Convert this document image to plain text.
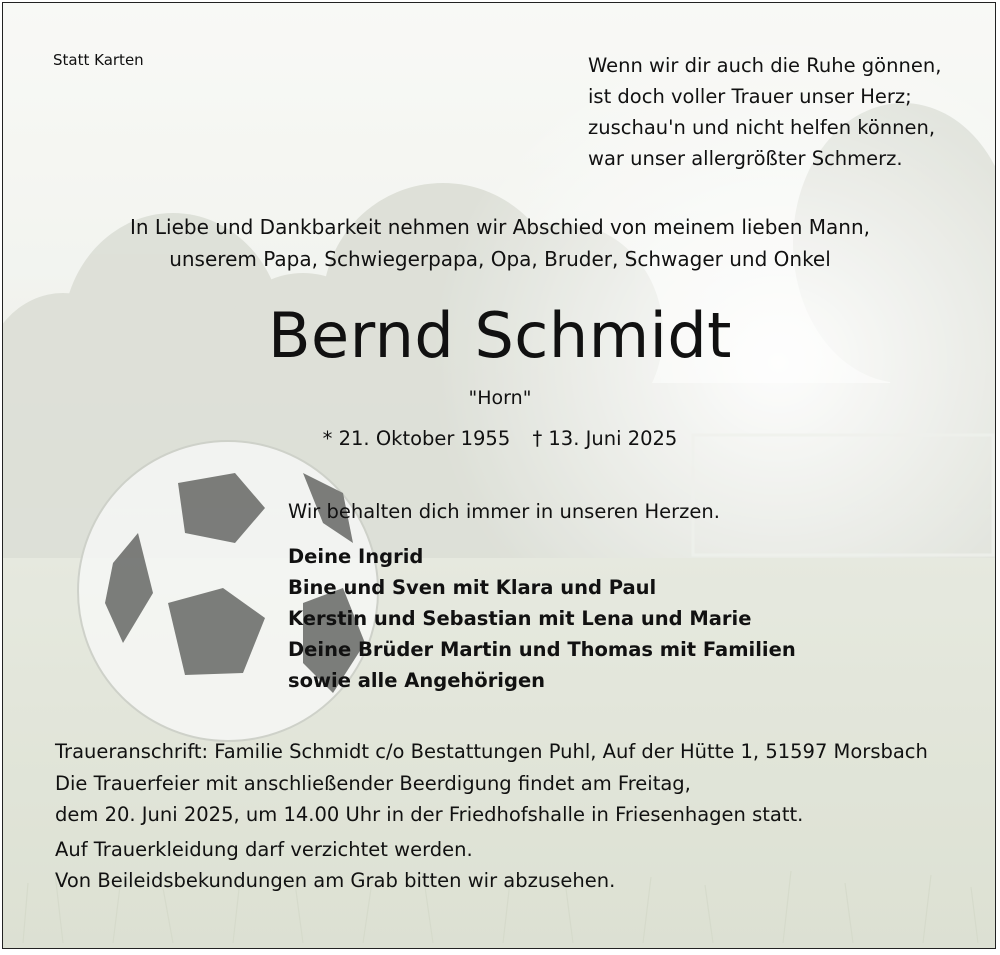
Statt Karten	Wenn wir dir auch die Ruhe gönnen,
ist doch voller Trauer unser Herz;
zuschau'n und nicht helfen können,
war unser allergrößter Schmerz.
In Liebe und Dankbarkeit nehmen wir Abschied von meinem lieben Mann,
unserem Papa, Schwiegerpapa, Opa, Bruder, Schwager und Onkel
Bernd Schmidt
"Horn"
* 21. Oktober 1955 † 13. Juni 2025
Wir behalten dich immer in unseren Herzen.
Deine Ingrid
Bine und Sven mit Klara und Paul
Kerstin und Sebastian mit Lena und Marie
Deine Brüder Martin und Thomas mit Familien
sowie alle Angehörigen
Traueranschrift: Familie Schmidt c/o Bestattungen Puhl, Auf der Hütte 1, 51597 Morsbach
Die Trauerfeier mit anschließender Beerdigung findet am Freitag,
dem 20. Juni 2025, um 14.00 Uhr in der Friedhofshalle in Friesenhagen statt.
Auf Trauerkleidung darf verzichtet werden.
Von Beileidsbekundungen am Grab bitten wir abzusehen.
